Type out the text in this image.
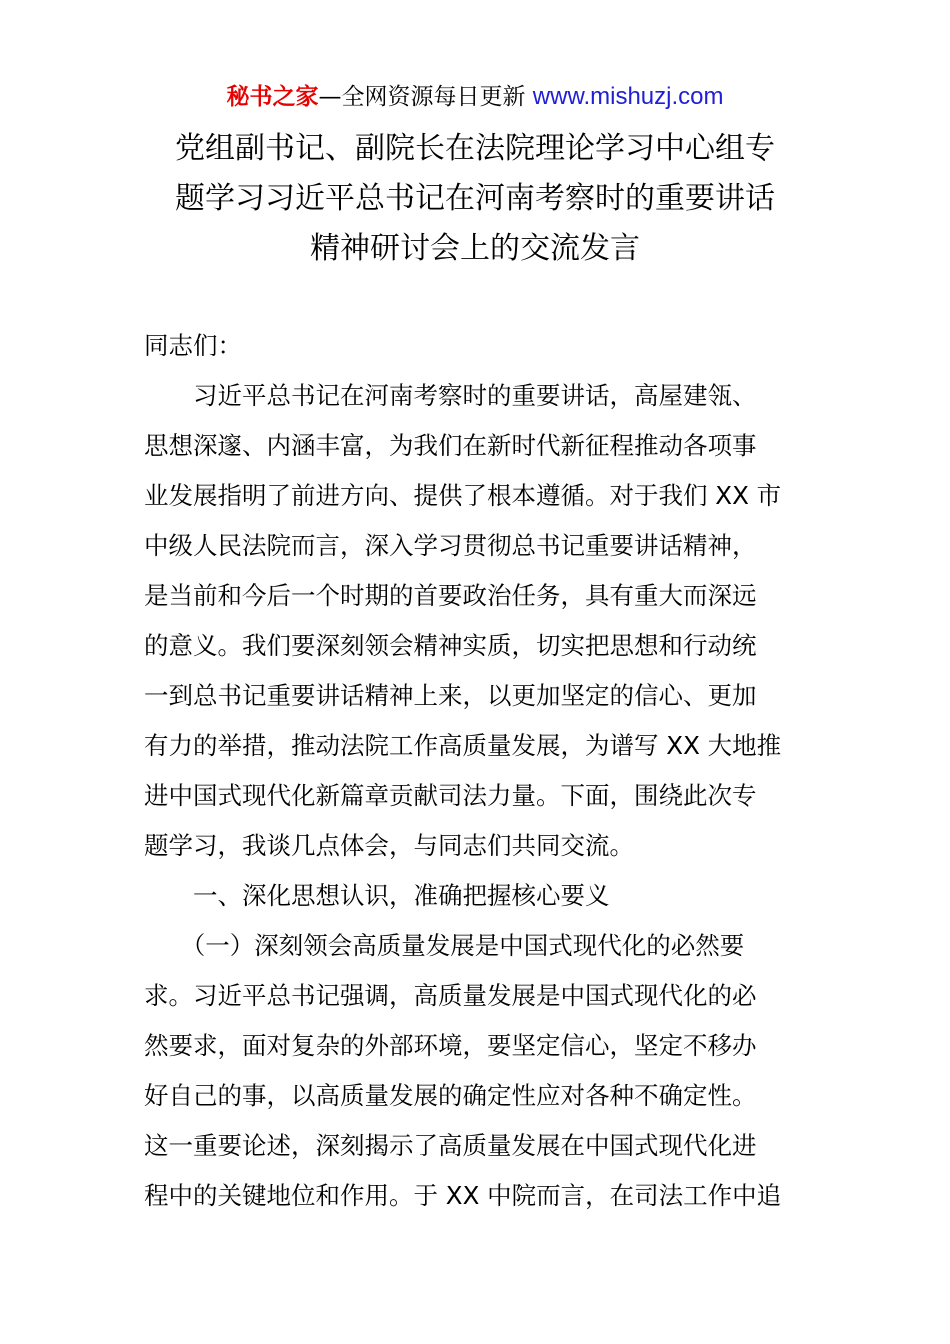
秘书之家—全网资源每日更新 www.mishuzj.com
党组副书记、副院长在法院理论学习中心组专
题学习习近平总书记在河南考察时的重要讲话
精神研讨会上的交流发言
同志们：
　　习近平总书记在河南考察时的重要讲话，高屋建瓴、
思想深邃、内涵丰富，为我们在新时代新征程推动各项事
业发展指明了前进方向、提供了根本遵循。对于我们 XX 市
中级人民法院而言，深入学习贯彻总书记重要讲话精神，
是当前和今后一个时期的首要政治任务，具有重大而深远
的意义。我们要深刻领会精神实质，切实把思想和行动统
一到总书记重要讲话精神上来，以更加坚定的信心、更加
有力的举措，推动法院工作高质量发展，为谱写 XX 大地推
进中国式现代化新篇章贡献司法力量。下面，围绕此次专
题学习，我谈几点体会，与同志们共同交流。
　　一、深化思想认识，准确把握核心要义
　　（一）深刻领会高质量发展是中国式现代化的必然要
求。习近平总书记强调，高质量发展是中国式现代化的必
然要求，面对复杂的外部环境，要坚定信心，坚定不移办
好自己的事，以高质量发展的确定性应对各种不确定性。
这一重要论述，深刻揭示了高质量发展在中国式现代化进
程中的关键地位和作用。于 XX 中院而言，在司法工作中追
